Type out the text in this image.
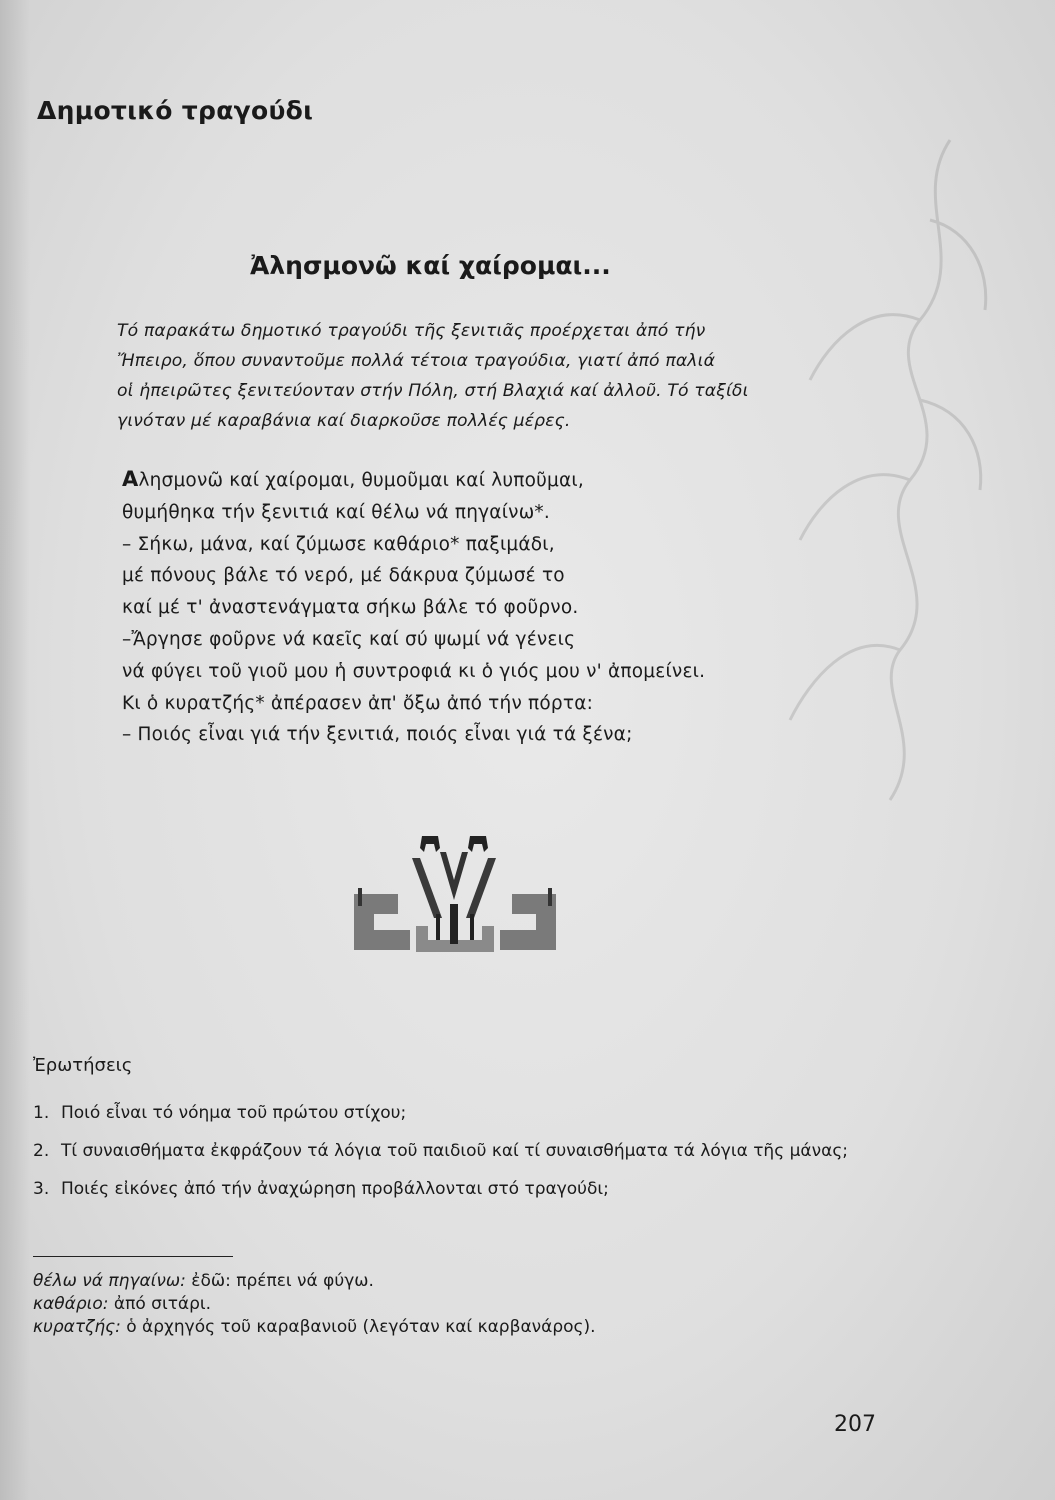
Δημοτικό τραγούδι
Ἀλησμονῶ καί χαίρομαι...
Τό παρακάτω δημοτικό τραγούδι τῆς ξενιτιᾶς προέρχεται ἀπό τήν
Ἤπειρο, ὅπου συναντοῦμε πολλά τέτοια τραγούδια, γιατί ἀπό παλιά
οἱ ἠπειρῶτες ξενιτεύονταν στήν Πόλη, στή Βλαχιά καί ἀλλοῦ. Τό ταξίδι
γινόταν μέ καραβάνια καί διαρκοῦσε πολλές μέρες.
Αλησμονῶ καί χαίρομαι, θυμοῦμαι καί λυποῦμαι,
θυμήθηκα τήν ξενιτιά καί θέλω νά πηγαίνω*.
– Σήκω, μάνα, καί ζύμωσε καθάριο* παξιμάδι,
μέ πόνους βάλε τό νερό, μέ δάκρυα ζύμωσέ το
καί μέ τ' ἀναστενάγματα σήκω βάλε τό φοῦρνο.
–Ἄργησε φοῦρνε νά καεῖς καί σύ ψωμί νά γένεις
νά φύγει τοῦ γιοῦ μου ἡ συντροφιά κι ὁ γιός μου ν' ἀπομείνει.
Κι ὁ κυρατζής* ἀπέρασεν ἀπ' ὄξω ἀπό τήν πόρτα:
– Ποιός εἶναι γιά τήν ξενιτιά, ποιός εἶναι γιά τά ξένα;
Ἐρωτήσεις
1. Ποιό εἶναι τό νόημα τοῦ πρώτου στίχου;
2. Τί συναισθήματα ἐκφράζουν τά λόγια τοῦ παιδιοῦ καί τί συναισθήματα τά λόγια τῆς μάνας;
3. Ποιές εἰκόνες ἀπό τήν ἀναχώρηση προβάλλονται στό τραγούδι;
θέλω νά πηγαίνω: ἐδῶ: πρέπει νά φύγω.
καθάριο: ἀπό σιτάρι.
κυρατζής: ὁ ἀρχηγός τοῦ καραβανιοῦ (λεγόταν καί καρβανάρος).
207
